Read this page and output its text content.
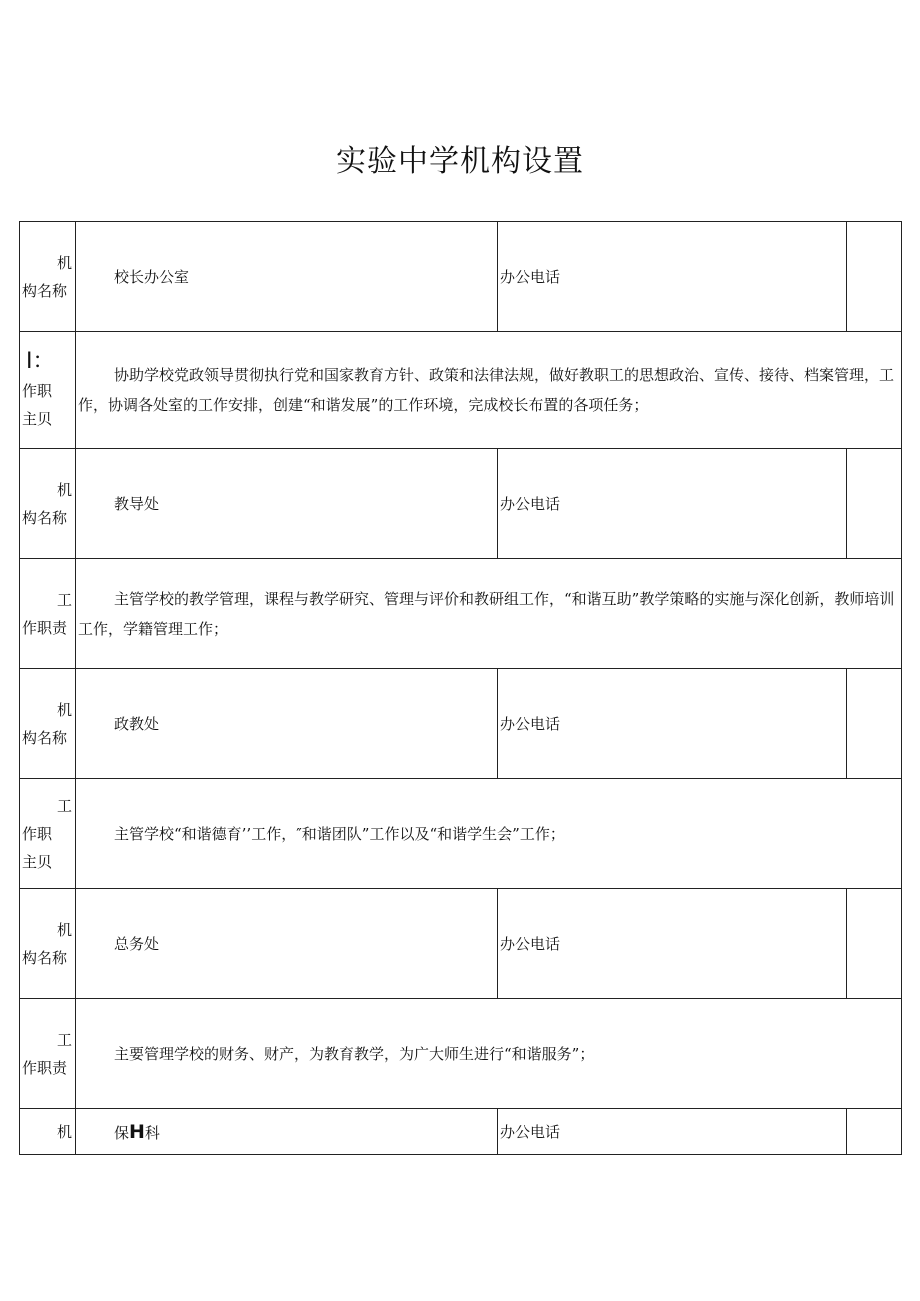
实验中学机构设置
机
构名称	校长办公室	办公电话	

I：
作职
主贝	协助学校党政领导贯彻执行党和国家教育方针、政策和法律法规，做好教职工的思想政治、宣传、接待、档案管理，工作，协调各处室的工作安排，创建“和谐发展”的工作环境，完成校长布置的各项任务；		

机
构名称	教导处	办公电话	

工
作职责	主管学校的教学管理，课程与教学研究、管理与评价和教研组工作，“和谐互助”教学策略的实施与深化创新，教师培训工作，学籍管理工作；		

机
构名称	政教处	办公电话	

工
作职
主贝	主管学校“和谐德育’’工作，″和谐团队”工作以及“和谐学生会”工作；		

机
构名称	总务处	办公电话	

工
作职责	主要管理学校的财务、财产，为教育教学，为广大师生进行“和谐服务”；		

机	保H科	办公电话	
